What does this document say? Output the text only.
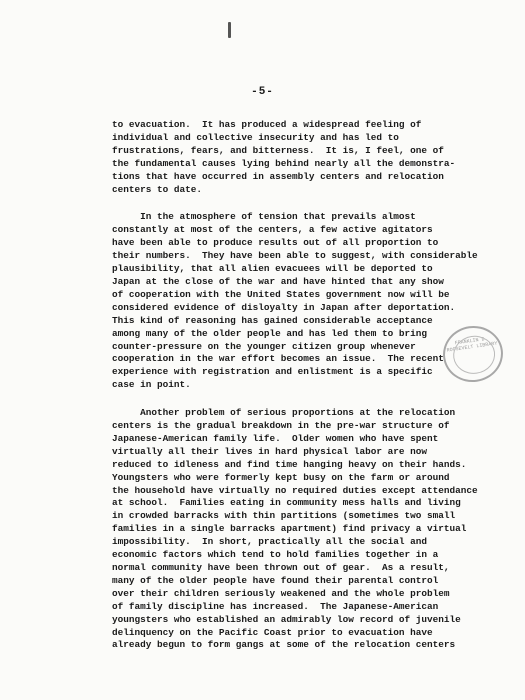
-5-

to evacuation.  It has produced a widespread feeling of
individual and collective insecurity and has led to
frustrations, fears, and bitterness.  It is, I feel, one of
the fundamental causes lying behind nearly all the demonstra-
tions that have occurred in assembly centers and relocation
centers to date.

In the atmosphere of tension that prevails almost
constantly at most of the centers, a few active agitators
have been able to produce results out of all proportion to
their numbers.  They have been able to suggest, with considerable
plausibility, that all alien evacuees will be deported to
Japan at the close of the war and have hinted that any show
of cooperation with the United States government now will be
considered evidence of disloyalty in Japan after deportation.
This kind of reasoning has gained considerable acceptance
among many of the older people and has led them to bring
counter-pressure on the younger citizen group whenever
cooperation in the war effort becomes an issue.  The recent
experience with registration and enlistment is a specific
case in point.

Another problem of serious proportions at the relocation
centers is the gradual breakdown in the pre-war structure of
Japanese-American family life.  Older women who have spent
virtually all their lives in hard physical labor are now
reduced to idleness and find time hanging heavy on their hands.
Youngsters who were formerly kept busy on the farm or around
the household have virtually no required duties except attendance
at school.  Families eating in community mess halls and living
in crowded barracks with thin partitions (sometimes two small
families in a single barracks apartment) find privacy a virtual
impossibility.  In short, practically all the social and
economic factors which tend to hold families together in a
normal community have been thrown out of gear.  As a result,
many of the older people have found their parental control
over their children seriously weakened and the whole problem
of family discipline has increased.  The Japanese-American
youngsters who established an admirably low record of juvenile
delinquency on the Pacific Coast prior to evacuation have
already begun to form gangs at some of the relocation centers

FRANKLIN D. ROOSEVELT LIBRARY
